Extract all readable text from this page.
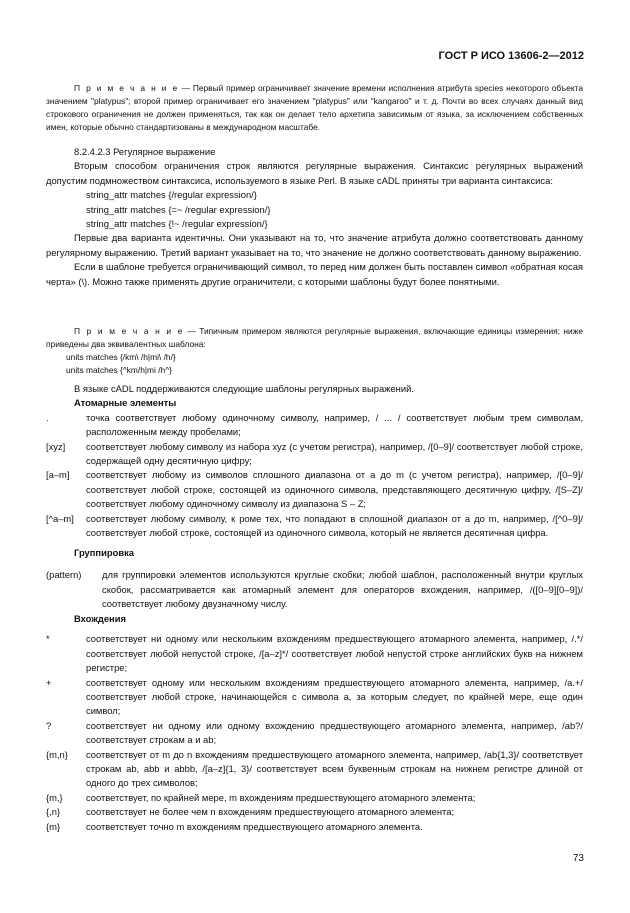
ГОСТ Р ИСО 13606-2—2012

П р и м е ч а н и е — Первый пример ограничивает значение времени исполнения атрибута species некоторого объекта значением "platypus"; второй пример ограничивает его значением "platypus" или "kangaroo" и т. д. Почти во всех случаях данный вид строкового ограничения не должен применяться, так как он делает тело архетипа зависимым от языка, за исключением собственных имен, которые обычно стандартизованы в международном масштабе.

8.2.4.2.3 Регулярное выражение

Вторым способом ограничения строк являются регулярные выражения. Синтаксис регулярных выражений допустим подмножеством синтаксиса, используемого в языке Perl. В языке cADL приняты три варианта синтаксиса:

string_attr matches {/regular expression/}
string_attr matches {=~ /regular expression/}
string_attr matches {!~ /regular expression/}

Первые два варианта идентичны. Они указывают на то, что значение атрибута должно соответствовать данному регулярному выражению. Третий вариант указывает на то, что значение не должно соответствовать данному выражению.

Если в шаблоне требуется ограничивающий символ, то перед ним должен быть поставлен символ «обратная косая черта» (\). Можно также применять другие ограничители, с которыми шаблоны будут более понятными.

П р и м е ч а н и е — Типичным примером являются регулярные выражения, включающие единицы измерения; ниже приведены два эквивалентных шаблона:

units matches {/km\ /h|mi\ /h/}
units matches {^km/h|mi /h^}

В языке cADL поддерживаются следующие шаблоны регулярных выражений.

Атомарные элементы
.	точка соответствует любому одиночному символу, например, / ... / соответствует любым трем символам, расположенным между пробелами;
[xyz]	соответствует любому символу из набора xyz (с учетом регистра), например, /[0–9]/ соответствует любой строке, содержащей одну десятичную цифру;
[a–m]	соответствует любому из символов сплошного диапазона от a до m (с учетом регистра), например, /[0–9]/ соответствует любой строке, состоящей из одиночного символа, представляющего десятичную цифру, /[S–Z]/ соответствует любому одиночному символу из диапазона S – Z;
[^a–m]	соответствует любому символу, к роме тех, что попадают в сплошной диапазон от a до m, например, /[^0–9]/ соответствует любой строке, состоящей из одиночного символа, который не является десятичная цифра.
Группировка
(pattern)	для группировки элементов используются круглые скобки; любой шаблон, расположенный внутри круглых скобок, рассматривается как атомарный элемент для операторов вхождения, например, /([0–9][0–9])/ соответствует любому двузначному числу.
Вхождения
*	соответствует ни одному или нескольким вхождениям предшествующего атомарного элемента, например, /.*/ соответствует любой непустой строке, /[a–z]*/ соответствует любой непустой строке английских букв на нижнем регистре;
+	соответствует одному или нескольким вхождениям предшествующего атомарного элемента, например, /a.+/ соответствует любой строке, начинающейся с символа a, за которым следует, по крайней мере, еще один символ;
?	соответствует ни одному или одному вхождению предшествующего атомарного элемента, например, /ab?/ соответствует строкам a и ab;
{m,n}	соответствует от m до n вхождениям предшествующего атомарного элемента, например, /ab{1,3}/ соответствует строкам ab, abb и abbb, /[a–z]{1, 3}/ соответствует всем буквенным строкам на нижнем регистре длиной от одного до трех символов;
{m,}	соответствует, по крайней мере, m вхождениям предшествующего атомарного элемента;
{,n}	соответствует не более чем n вхождениям предшествующего атомарного элемента;
{m}	соответствует точно m вхождениям предшествующего атомарного элемента.
73
